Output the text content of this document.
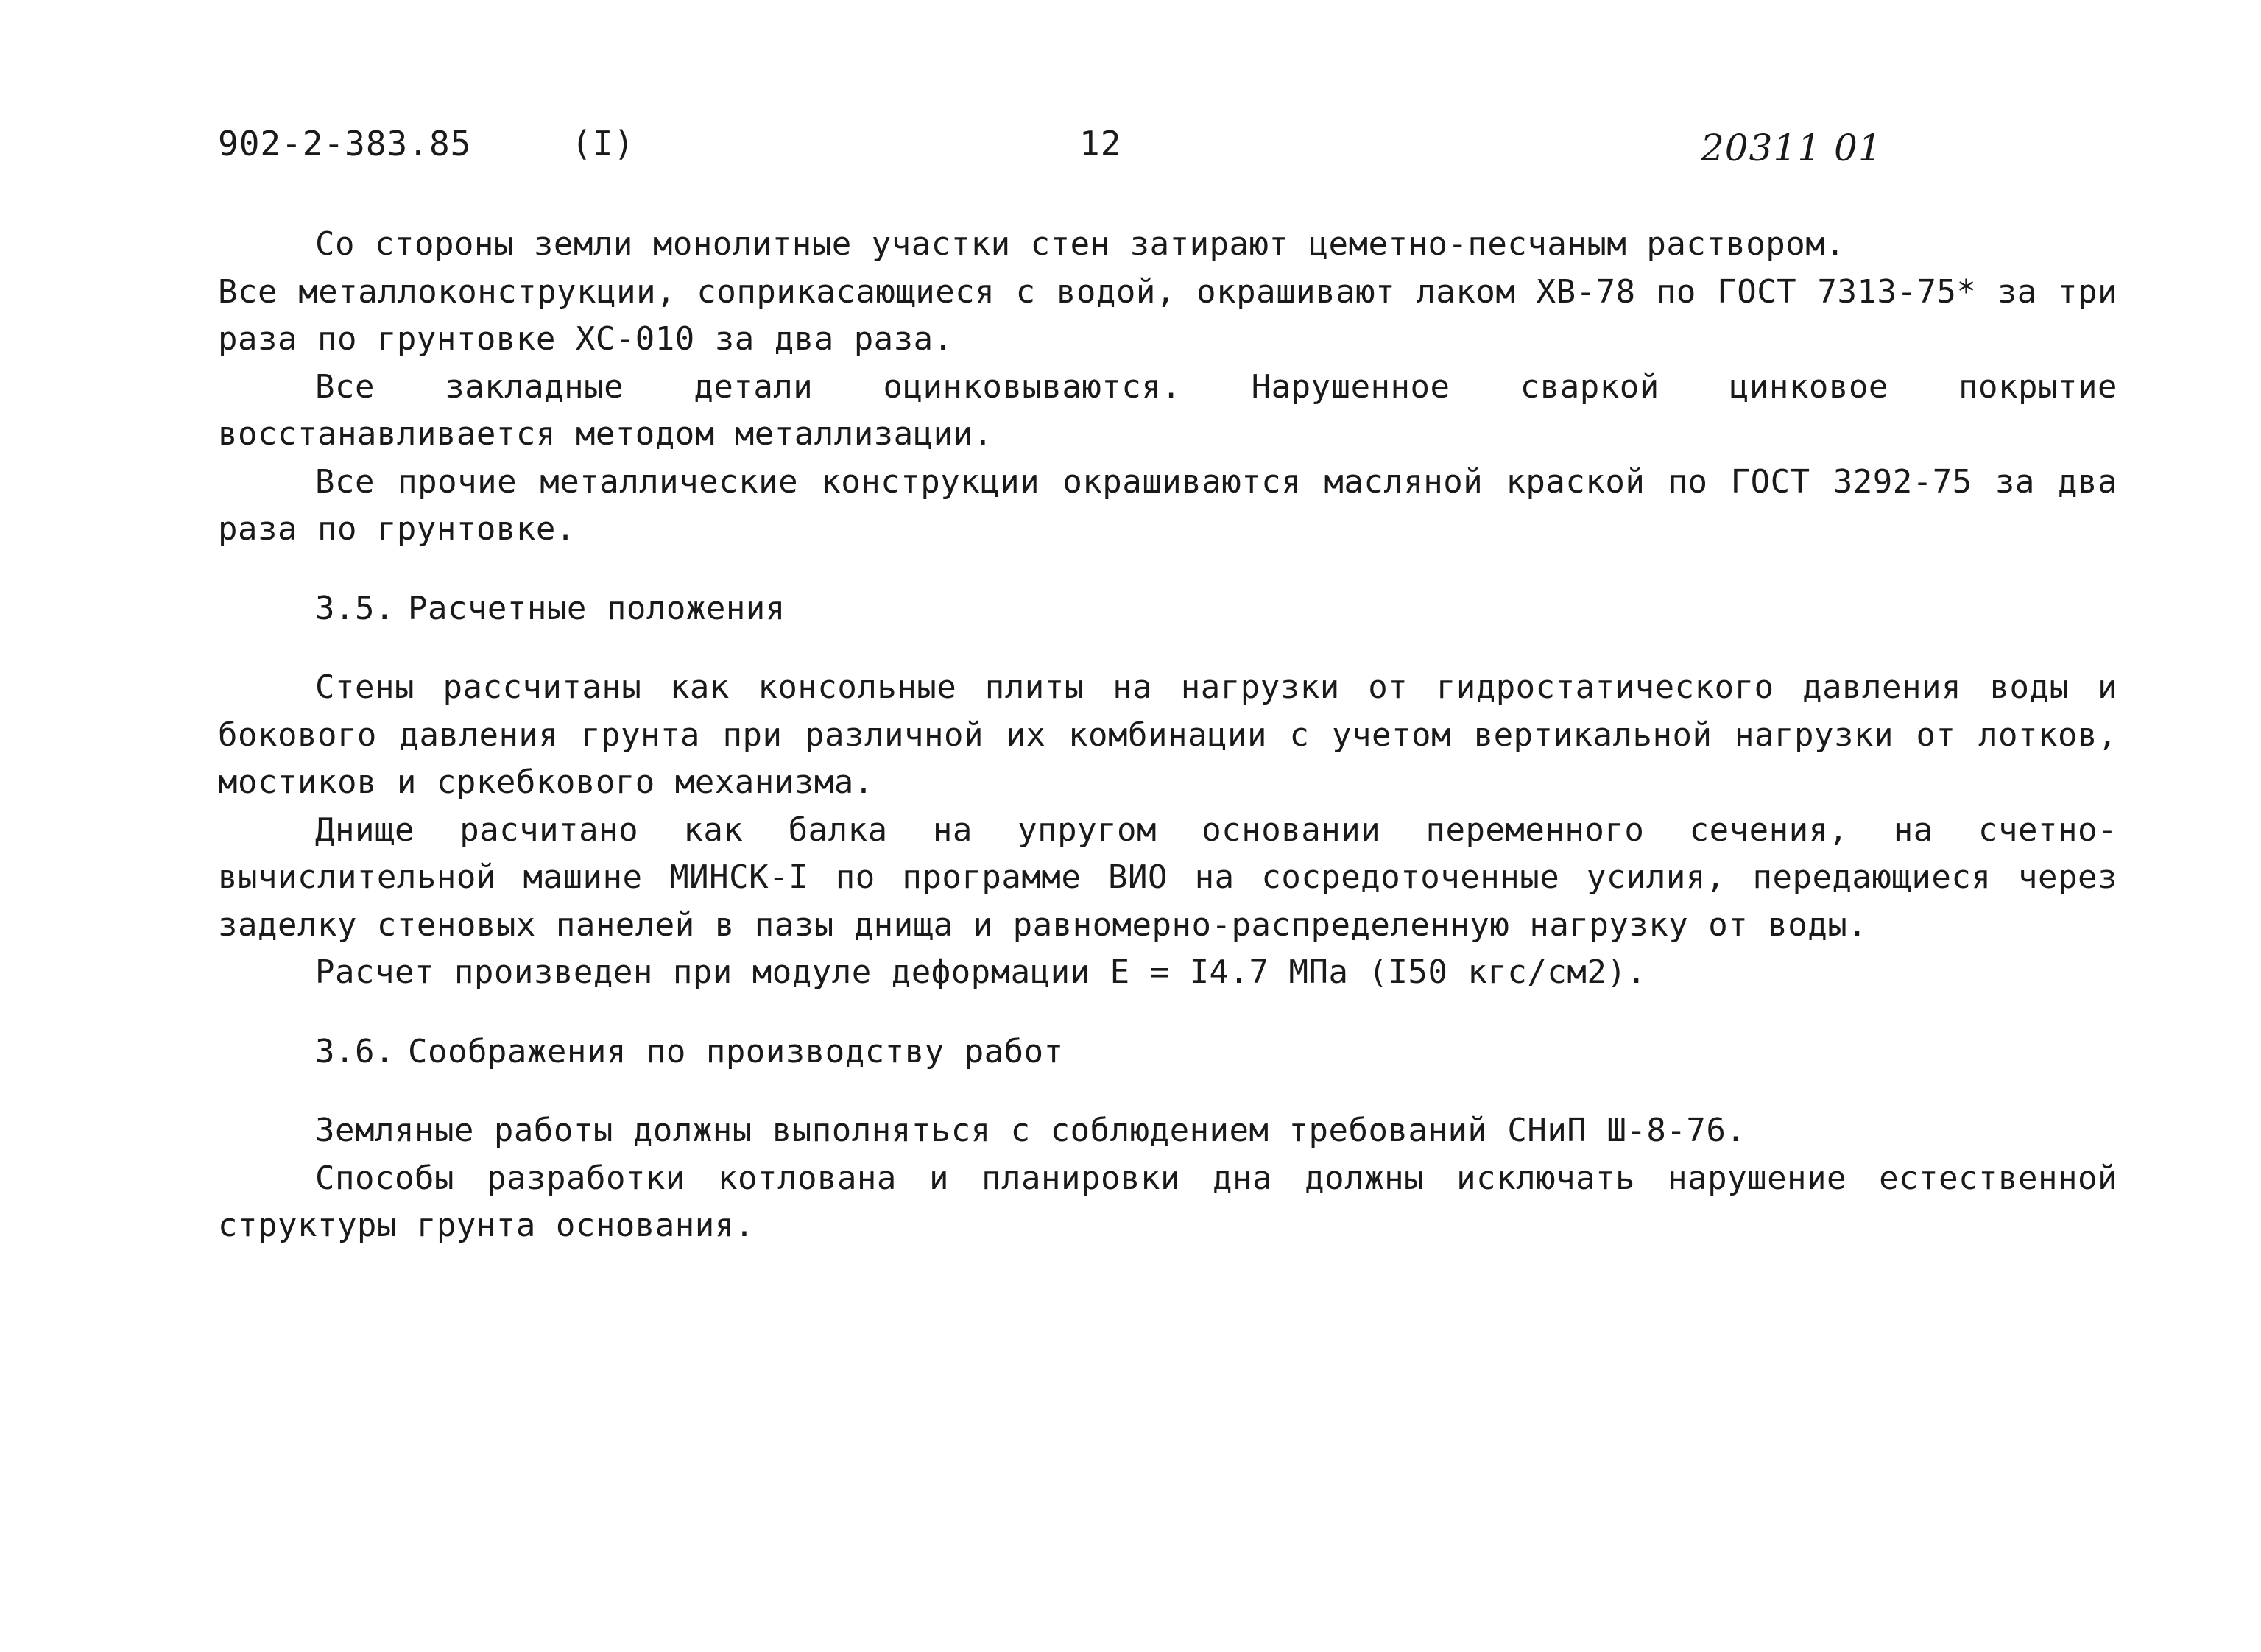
902-2-383.85	(I)	12	20311 01

Со стороны земли монолитные участки стен затирают цеметно-песчаным раствором.

Все металлоконструкции, соприкасающиеся с водой, окрашивают лаком ХВ-78 по ГОСТ 7313-75* за три раза по грунтовке ХС-010 за два раза.

Все закладные детали оцинковываются. Нарушенное сваркой цинковое покрытие восстанавливается методом металлизации.

Все прочие металлические конструкции окрашиваются масляной краской по ГОСТ 3292-75 за два раза по грунтовке.

3.5. Расчетные положения

Стены рассчитаны как консольные плиты на нагрузки от гидростатического давления воды и бокового давления грунта при различной их комбинации с учетом вертикальной нагрузки от лотков, мостиков и сркебкового механизма.

Днище расчитано как балка на упругом основании переменного сечения, на счетно-вычислительной машине МИНСК-I по программе ВИО на сосредоточенные усилия, передающиеся через заделку стеновых панелей в пазы днища и равномерно-распределенную нагрузку от воды.

Расчет произведен при модуле деформации E = I4.7 МПа (I50 кгс/см2).

3.6. Соображения по производству работ

Земляные работы должны выполняться с соблюдением требований СНиП Ш-8-76.

Способы разработки котлована и планировки дна должны исключать нарушение естественной структуры грунта основания.
